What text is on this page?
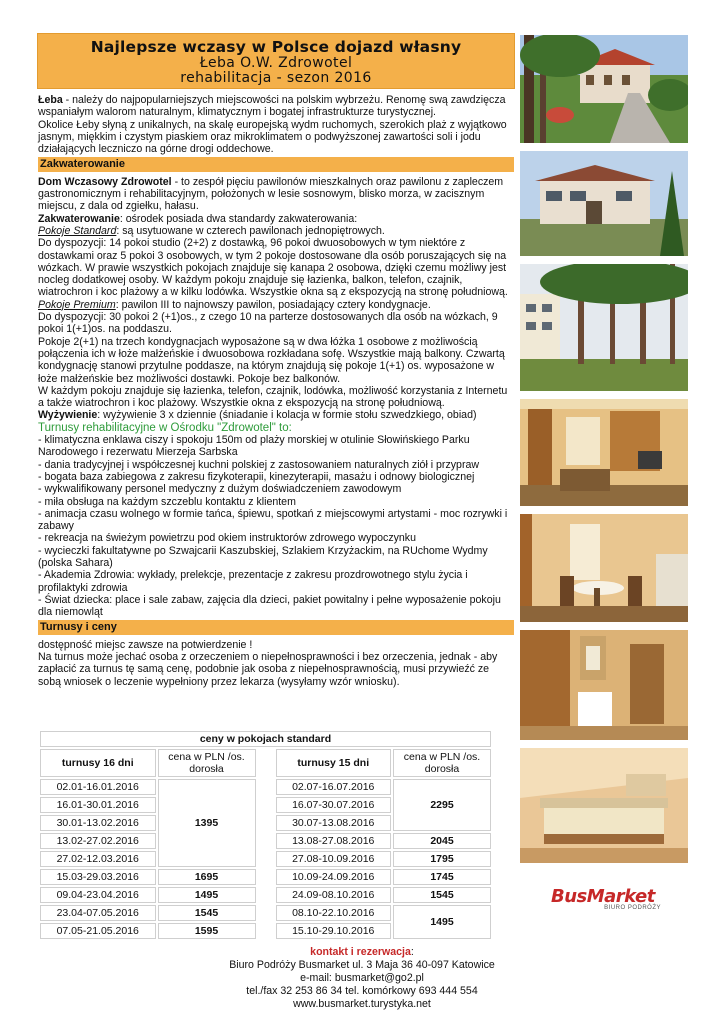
Najlepsze wczasy w Polsce dojazd własny
Łeba O.W. Zdrowotel
rehabilitacja - sezon 2016

Łeba - należy do najpopularniejszych miejscowości na polskim wybrzeżu. Renomę swą zawdzięcza wspaniałym walorom naturalnym, klimatycznym i bogatej infrastrukturze turystycznej.

Okolice Łeby słyną z unikalnych, na skalę europejską wydm ruchomych, szerokich plaż z wyjątkowo jasnym, miękkim i czystym piaskiem oraz mikroklimatem o podwyższonej zawartości soli i jodu działających leczniczo na górne drogi oddechowe.

Zakwaterowanie

Dom Wczasowy Zdrowotel - to zespół pięciu pawilonów mieszkalnych oraz pawilonu z zapleczem gastronomicznym i rehabilitacyjnym, położonych w lesie sosnowym, blisko morza, w zacisznym miejscu, z dala od zgiełku, hałasu.

Zakwaterowanie: ośrodek posiada dwa standardy zakwaterowania:

Pokoje Standard: są usytuowane w czterech pawilonach jednopiętrowych.

Do dyspozycji: 14 pokoi studio (2+2) z dostawką, 96 pokoi dwuosobowych w tym niektóre z dostawkami oraz 5 pokoi 3 osobowych, w tym 2 pokoje dostosowane dla osób poruszających się na wózkach. W prawie wszystkich pokojach znajduje się kanapa 2 osobowa, dzięki czemu możliwy jest nocleg dodatkowej osoby. W każdym pokoju znajduje się łazienka, balkon, telefon, czajnik, wiatrochron i koc plażowy a w kilku lodówka. Wszystkie okna są z ekspozycją na stronę południową.

Pokoje Premium: pawilon III to najnowszy pawilon, posiadający cztery kondygnacje.

Do dyspozycji: 30 pokoi 2 (+1)os., z czego 10 na parterze dostosowanych dla osób na wózkach, 9 pokoi 1(+1)os. na poddaszu.

Pokoje 2(+1) na trzech kondygnacjach wyposażone są w dwa łóżka 1 osobowe z możliwością połączenia ich w łoże małżeńskie i dwuosobowa rozkładana sofę. Wszystkie mają balkony. Czwartą kondygnację stanowi przytulne poddasze, na którym znajdują się pokoje 1(+1) os. wyposażone w łoże małżeńskie bez możliwości dostawki. Pokoje bez balkonów.

W każdym pokoju znajduje się łazienka, telefon, czajnik, lodówka, możliwość korzystania z Internetu a także wiatrochron i koc plażowy. Wszystkie okna z ekspozycją na stronę południową.

Wyżywienie: wyżywienie 3 x dziennie (śniadanie i kolacja w formie stołu szwedzkiego, obiad)

Turnusy rehabilitacyjne w Ośrodku "Zdrowotel" to:

- klimatyczna enklawa ciszy i spokoju 150m od plaży morskiej w otulinie Słowińskiego Parku Narodowego i rezerwatu Mierzeja Sarbska

- dania tradycyjnej i współczesnej kuchni polskiej z zastosowaniem naturalnych ziół i przypraw

- bogata baza zabiegowa z zakresu fizykoterapii, kinezyterapii, masażu i odnowy biologicznej

- wykwalifikowany personel medyczny z dużym doświadczeniem zawodowym

- miła obsługa na każdym szczeblu kontaktu z klientem

- animacja czasu wolnego w formie tańca, śpiewu, spotkań z miejscowymi artystami - moc rozrywki i zabawy

- rekreacja na świeżym powietrzu pod okiem instruktorów zdrowego wypoczynku

- wycieczki fakultatywne po Szwajcarii Kaszubskiej, Szlakiem Krzyżackim, na RUchome Wydmy (polska Sahara)

- Akademia Zdrowia: wykłady, prelekcje, prezentacje z zakresu prozdrowotnego stylu życia i profilaktyki zdrowia

- Świat dziecka: place i sale zabaw, zajęcia dla dzieci, pakiet powitalny i pełne wyposażenie pokoju dla niemowląt

Turnusy i ceny

dostępność miejsc zawsze na potwierdzenie !

Na turnus może jechać osoba z orzeczeniem o niepełnosprawności i bez orzeczenia, jednak - aby zapłacić za turnus tę samą cenę, podobnie jak osoba z niepełnosprawnością, musi przywieźć ze sobą wniosek o leczenie wypełniony przez lekarza (wysyłamy wzór wniosku).

ceny w pokojach standard				
turnusy 16 dni	cena w PLN /os. dorosła		turnusy 15 dni	cena w PLN /os. dorosła
02.01-16.01.2016	1395		02.07-16.07.2016	2295
16.01-30.01.2016			16.07-30.07.2016	
30.01-13.02.2016			30.07-13.08.2016	
13.02-27.02.2016			13.08-27.08.2016	2045
27.02-12.03.2016			27.08-10.09.2016	1795
15.03-29.03.2016	1695		10.09-24.09.2016	1745
09.04-23.04.2016	1495		24.09-08.10.2016	1545
23.04-07.05.2016	1545		08.10-22.10.2016	1495
07.05-21.05.2016	1595		15.10-29.10.2016	
BusMarket
BIURO PODRÓŻY
kontakt i rezerwacja:
Biuro Podróży Busmarket ul. 3 Maja 36 40-097 Katowice
e-mail: busmarket@go2.pl
tel./fax 32 253 86 34 tel. komórkowy 693 444 554
www.busmarket.turystyka.net
